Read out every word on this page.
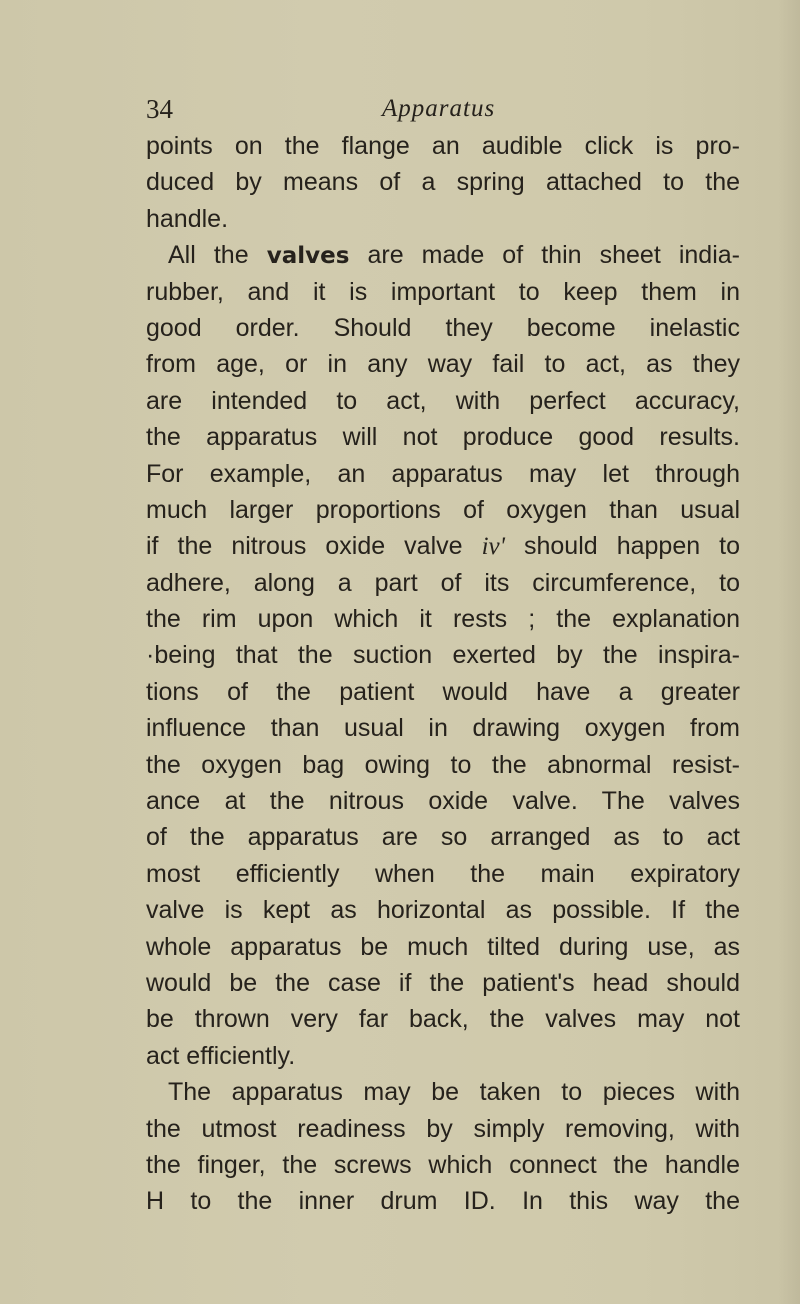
34	Apparatus
points on the flange an audible click is pro-
duced by means of a spring attached to the
handle.
All the valves are made of thin sheet india-
rubber, and it is important to keep them in
good order. Should they become inelastic
from age, or in any way fail to act, as they
are intended to act, with perfect accuracy,
the apparatus will not produce good results.
For example, an apparatus may let through
much larger proportions of oxygen than usual
if the nitrous oxide valve iv' should happen to
adhere, along a part of its circumference, to
the rim upon which it rests ; the explanation
·being that the suction exerted by the inspira-
tions of the patient would have a greater
influence than usual in drawing oxygen from
the oxygen bag owing to the abnormal resist-
ance at the nitrous oxide valve. The valves
of the apparatus are so arranged as to act
most efficiently when the main expiratory
valve is kept as horizontal as possible. If the
whole apparatus be much tilted during use, as
would be the case if the patient's head should
be thrown very far back, the valves may not
act efficiently.
The apparatus may be taken to pieces with
the utmost readiness by simply removing, with
the finger, the screws which connect the handle
H to the inner drum ID. In this way the
